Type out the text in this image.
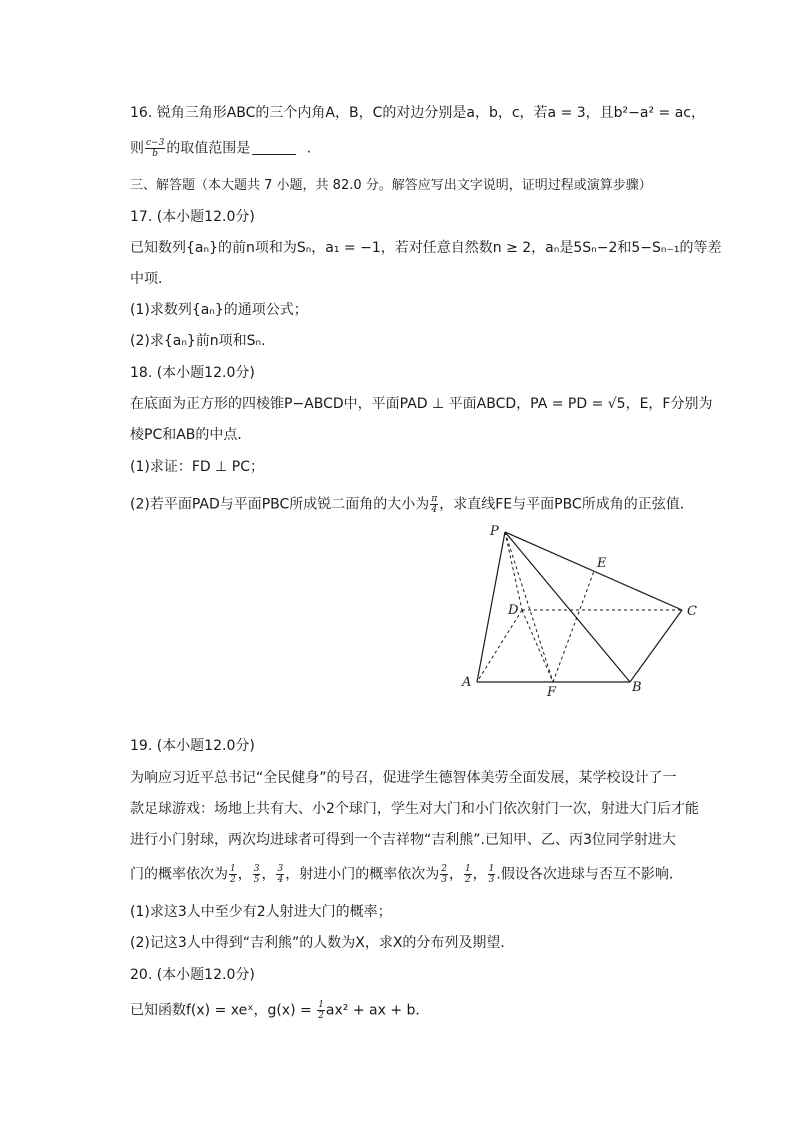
16. 锐角三角形ABC的三个内角A，B，C的对边分别是a，b，c，若a = 3，且b²−a² = ac，
则 $\frac{c-3}{b}$ 的取值范围是	.
三、解答题（本大题共 7 小题，共 82.0 分。解答应写出文字说明，证明过程或演算步骤）
17. (本小题12.0分)
已知数列{aₙ}的前n项和为Sₙ，a₁ = −1，若对任意自然数n ≥ 2，aₙ是5Sₙ−2和5−Sₙ₋₁的等差
中项．
(1)求数列{aₙ}的通项公式；
(2)求{aₙ}前n项和Sₙ.
18. (本小题12.0分)
在底面为正方形的四棱锥P−ABCD中，平面PAD ⊥ 平面ABCD，PA = PD = √5，E，F分别为
棱PC和AB的中点．
(1)求证：FD ⊥ PC；
(2)若平面PAD与平面PBC所成锐二面角的大小为 $\frac{\pi}{4}$ ，求直线FE与平面PBC所成角的正弦值．
P
E
D	C
A
F	B
19. (本小题12.0分)
为响应习近平总书记“全民健身”的号召，促进学生德智体美劳全面发展，某学校设计了一
款足球游戏：场地上共有大、小2个球门，学生对大门和小门依次射门一次，射进大门后才能
进行小门射球，两次均进球者可得到一个吉祥物“吉利熊”.已知甲、乙、丙3位同学射进大
门的概率依次为 $\frac{1}{2}$ ， $\frac{3}{5}$ ， $\frac{3}{4}$ ，射进小门的概率依次为 $\frac{2}{3}$ ， $\frac{1}{2}$ ， $\frac{1}{3}$ .假设各次进球与否互不影响．
(1)求这3人中至少有2人射进大门的概率；
(2)记这3人中得到“吉利熊”的人数为X，求X的分布列及期望．
20. (本小题12.0分)
已知函数f(x) = xeˣ，$g(x) = \frac{1}{2} ax^2$ + ax + b．
